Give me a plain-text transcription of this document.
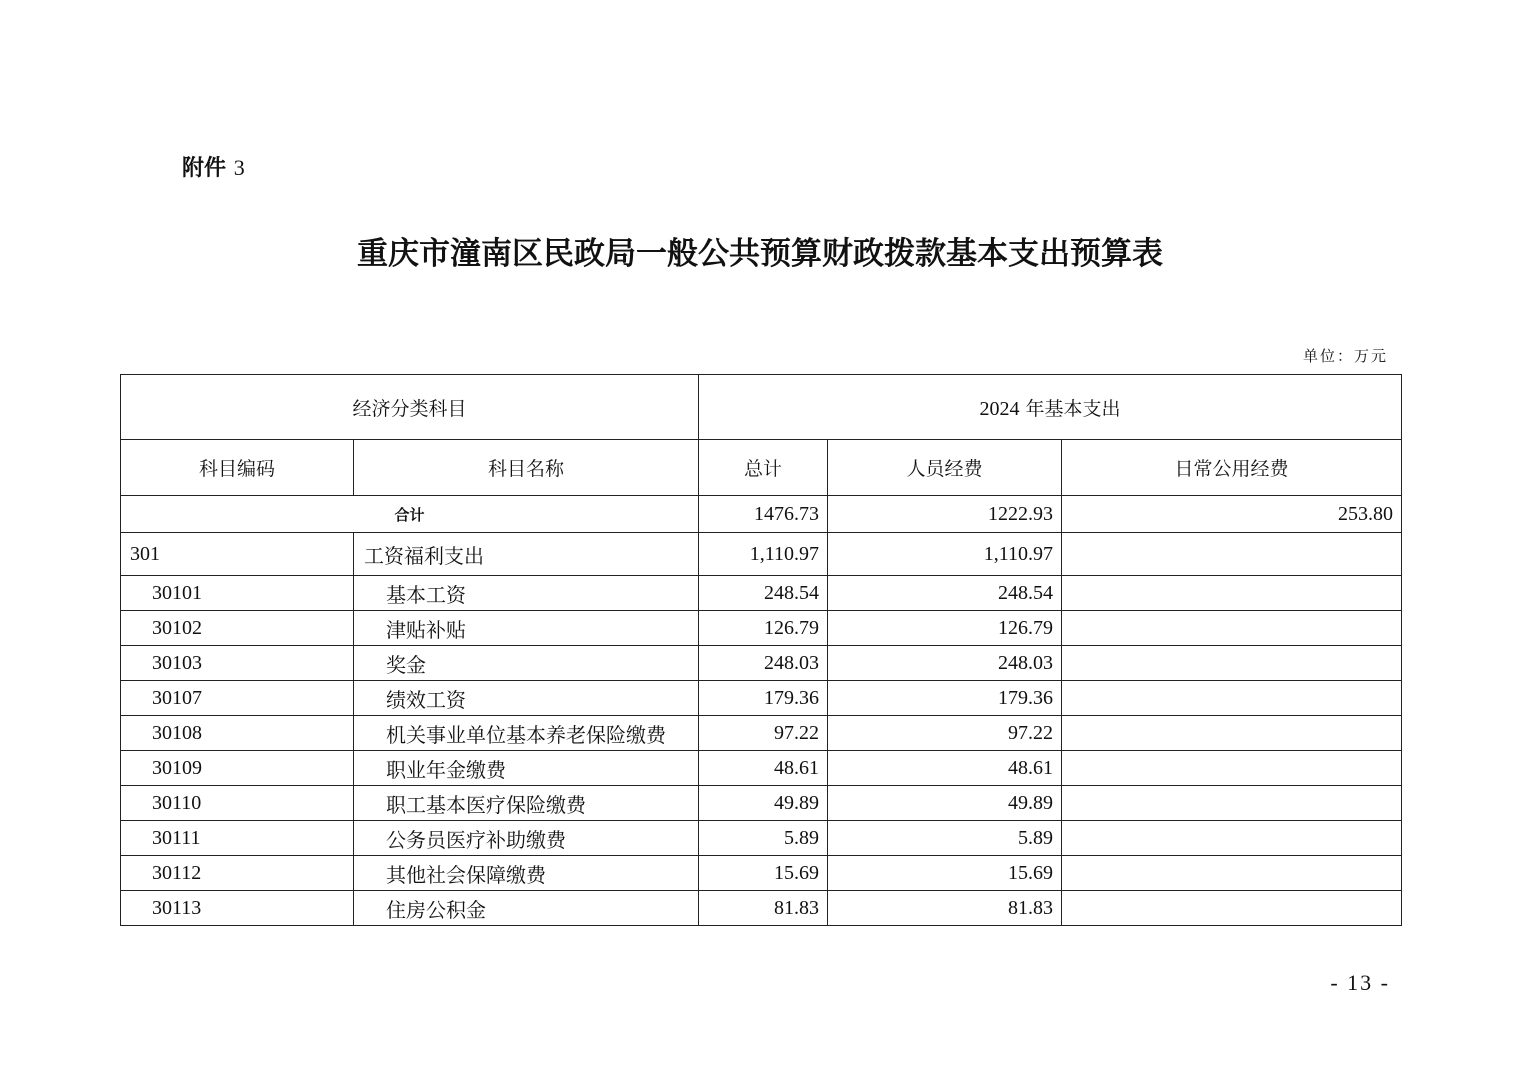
附件 3
重庆市潼南区民政局一般公共预算财政拨款基本支出预算表
单位：万元
经济分类科目		2024 年基本支出		
科目编码	科目名称	总计	人员经费	日常公用经费
合计		1476.73	1222.93	253.80
301	工资福利支出	1,110.97	1,110.97	
30101	基本工资	248.54	248.54	
30102	津贴补贴	126.79	126.79	
30103	奖金	248.03	248.03	
30107	绩效工资	179.36	179.36	
30108	机关事业单位基本养老保险缴费	97.22	97.22	
30109	职业年金缴费	48.61	48.61	
30110	职工基本医疗保险缴费	49.89	49.89	
30111	公务员医疗补助缴费	5.89	5.89	
30112	其他社会保障缴费	15.69	15.69	
30113	住房公积金	81.83	81.83	
- 13 -
